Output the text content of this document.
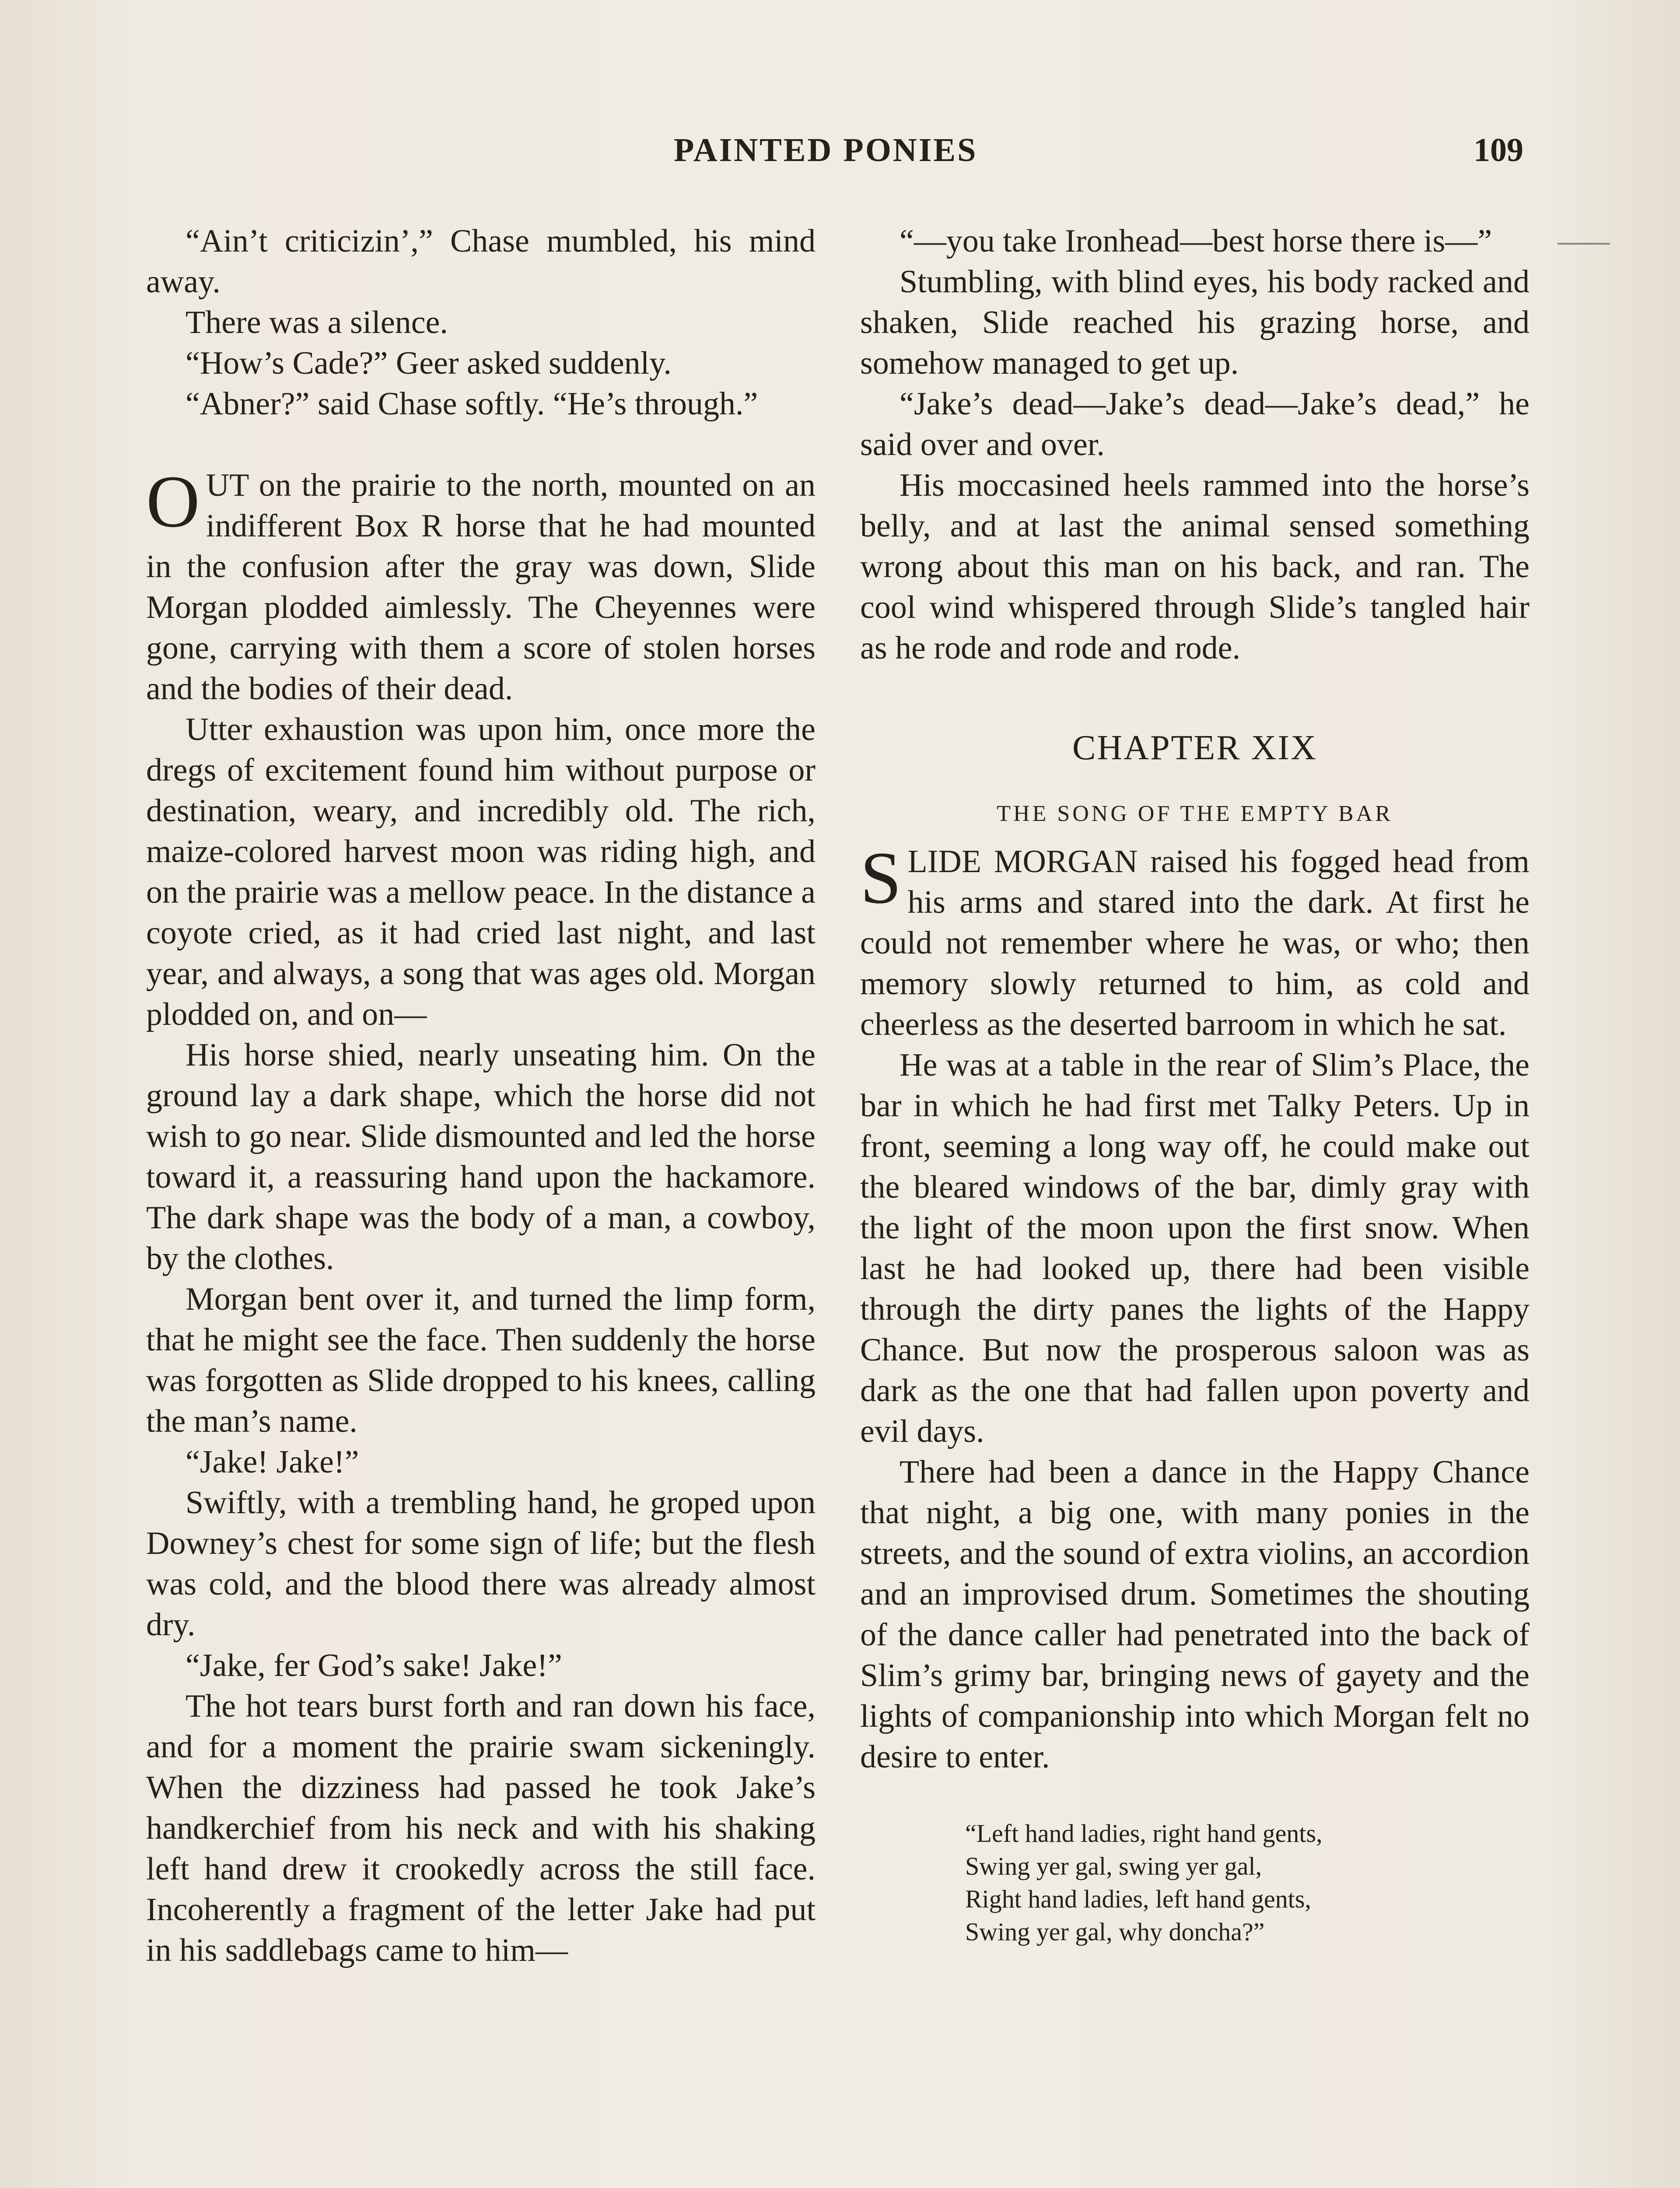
PAINTED PONIES	109

“Ain’t criticizin’,” Chase mumbled, his mind away.

There was a silence.

“How’s Cade?” Geer asked suddenly.

“Abner?” said Chase softly. “He’s through.”

OUT on the prairie to the north, mounted on an indifferent Box R horse that he had mounted in the confusion after the gray was down, Slide Morgan plodded aimlessly. The Cheyennes were gone, carrying with them a score of stolen horses and the bodies of their dead.

Utter exhaustion was upon him, once more the dregs of excitement found him without purpose or destination, weary, and incredibly old. The rich, maize-colored harvest moon was riding high, and on the prairie was a mellow peace. In the distance a coyote cried, as it had cried last night, and last year, and always, a song that was ages old. Morgan plodded on, and on—

His horse shied, nearly unseating him. On the ground lay a dark shape, which the horse did not wish to go near. Slide dismounted and led the horse toward it, a reassuring hand upon the hackamore. The dark shape was the body of a man, a cowboy, by the clothes.

Morgan bent over it, and turned the limp form, that he might see the face. Then suddenly the horse was forgotten as Slide dropped to his knees, calling the man’s name.

“Jake! Jake!”

Swiftly, with a trembling hand, he groped upon Downey’s chest for some sign of life; but the flesh was cold, and the blood there was already almost dry.

“Jake, fer God’s sake! Jake!”

The hot tears burst forth and ran down his face, and for a moment the prairie swam sickeningly. When the dizziness had passed he took Jake’s handkerchief from his neck and with his shaking left hand drew it crookedly across the still face. Incoherently a fragment of the letter Jake had put in his saddlebags came to him—

“—you take Ironhead—best horse there is—”

Stumbling, with blind eyes, his body racked and shaken, Slide reached his grazing horse, and somehow managed to get up.

“Jake’s dead—Jake’s dead—Jake’s dead,” he said over and over.

His moccasined heels rammed into the horse’s belly, and at last the animal sensed something wrong about this man on his back, and ran. The cool wind whispered through Slide’s tangled hair as he rode and rode and rode.

CHAPTER XIX
THE SONG OF THE EMPTY BAR

SLIDE MORGAN raised his fogged head from his arms and stared into the dark. At first he could not remember where he was, or who; then memory slowly returned to him, as cold and cheerless as the deserted barroom in which he sat.

He was at a table in the rear of Slim’s Place, the bar in which he had first met Talky Peters. Up in front, seeming a long way off, he could make out the bleared windows of the bar, dimly gray with the light of the moon upon the first snow. When last he had looked up, there had been visible through the dirty panes the lights of the Happy Chance. But now the prosperous saloon was as dark as the one that had fallen upon poverty and evil days.

There had been a dance in the Happy Chance that night, a big one, with many ponies in the streets, and the sound of extra violins, an accordion and an improvised drum. Sometimes the shouting of the dance caller had penetrated into the back of Slim’s grimy bar, bringing news of gayety and the lights of companionship into which Morgan felt no desire to enter.

“Left hand ladies, right hand gents,
Swing yer gal, swing yer gal,
Right hand ladies, left hand gents,
Swing yer gal, why doncha?”
